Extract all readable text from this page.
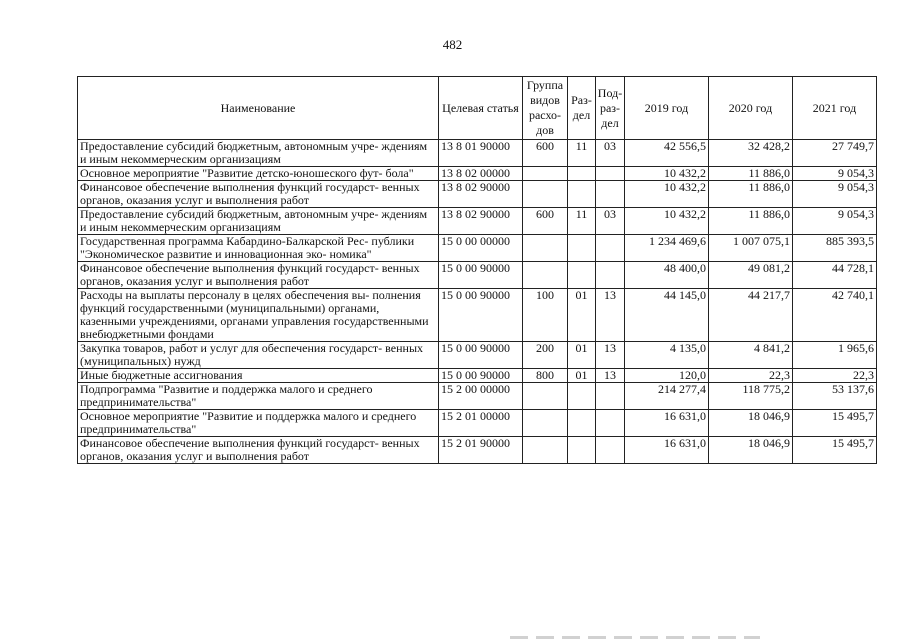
482
Наименование	Целевая статья	Группа видов расхо- дов	Раз- дел	Под- раз- дел	2019 год	2020 год	2021 год
Предоставление субсидий бюджетным, автономным учре- ждениям и иным некоммерческим организациям	13 8 01 90000	600	11	03	42 556,5	32 428,2	27 749,7
Основное мероприятие "Развитие детско-юношеского фут- бола"	13 8 02 00000				10 432,2	11 886,0	9 054,3
Финансовое обеспечение выполнения функций государст- венных органов, оказания услуг и выполнения работ	13 8 02 90000				10 432,2	11 886,0	9 054,3
Предоставление субсидий бюджетным, автономным учре- ждениям и иным некоммерческим организациям	13 8 02 90000	600	11	03	10 432,2	11 886,0	9 054,3
Государственная программа Кабардино-Балкарской Рес- публики "Экономическое развитие и инновационная эко- номика"	15 0 00 00000				1 234 469,6	1 007 075,1	885 393,5
Финансовое обеспечение выполнения функций государст- венных органов, оказания услуг и выполнения работ	15 0 00 90000				48 400,0	49 081,2	44 728,1
Расходы на выплаты персоналу в целях обеспечения вы- полнения функций государственными (муниципальными) органами, казенными учреждениями, органами управления государственными внебюджетными фондами	15 0 00 90000	100	01	13	44 145,0	44 217,7	42 740,1
Закупка товаров, работ и услуг для обеспечения государст- венных (муниципальных) нужд	15 0 00 90000	200	01	13	4 135,0	4 841,2	1 965,6
Иные бюджетные ассигнования	15 0 00 90000	800	01	13	120,0	22,3	22,3
Подпрограмма "Развитие и поддержка малого и среднего предпринимательства"	15 2 00 00000				214 277,4	118 775,2	53 137,6
Основное мероприятие "Развитие и поддержка малого и среднего предпринимательства"	15 2 01 00000				16 631,0	18 046,9	15 495,7
Финансовое обеспечение выполнения функций государст- венных органов, оказания услуг и выполнения работ	15 2 01 90000				16 631,0	18 046,9	15 495,7
